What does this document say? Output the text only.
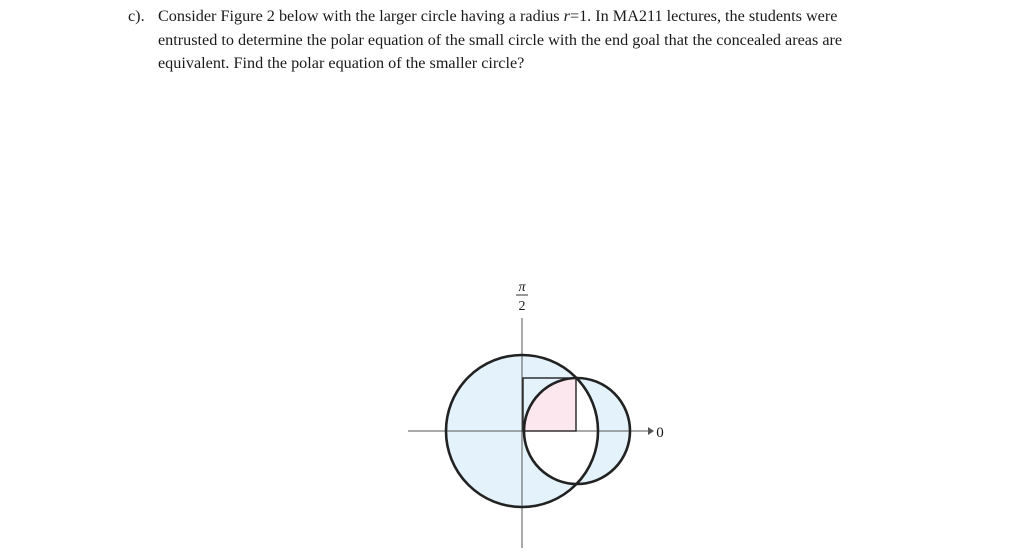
c). Consider Figure 2 below with the larger circle having a radius r=1. In MA211 lectures, the students were
entrusted to determine the polar equation of the small circle with the end goal that the concealed areas are
equivalent. Find the polar equation of the smaller circle?
π
2
0
